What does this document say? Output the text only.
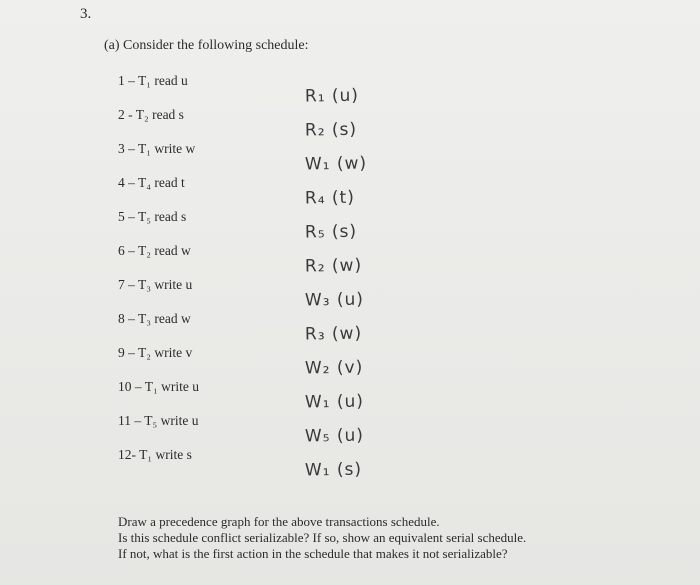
3.
(a) Consider the following schedule:
1 – T₁ read u
2 - T₂ read s
3 – T₁ write w
4 – T₄ read t
5 – T₅ read s
6 – T₂ read w
7 – T₃ write u
8 – T₃ read w
9 – T₂ write v
10 – T₁ write u
11 – T₅ write u
12- T₁ write s
R₁ (u)
R₂ (s)
W₁ (w)
R₄ (t)
R₅ (s)
R₂ (w)
W₃ (u)
R₃ (w)
W₂ (v)
W₁ (u)
W₅ (u)
W₁ (s)
Draw a precedence graph for the above transactions schedule.
Is this schedule conflict serializable? If so, show an equivalent serial schedule.
If not, what is the first action in the schedule that makes it not serializable?
